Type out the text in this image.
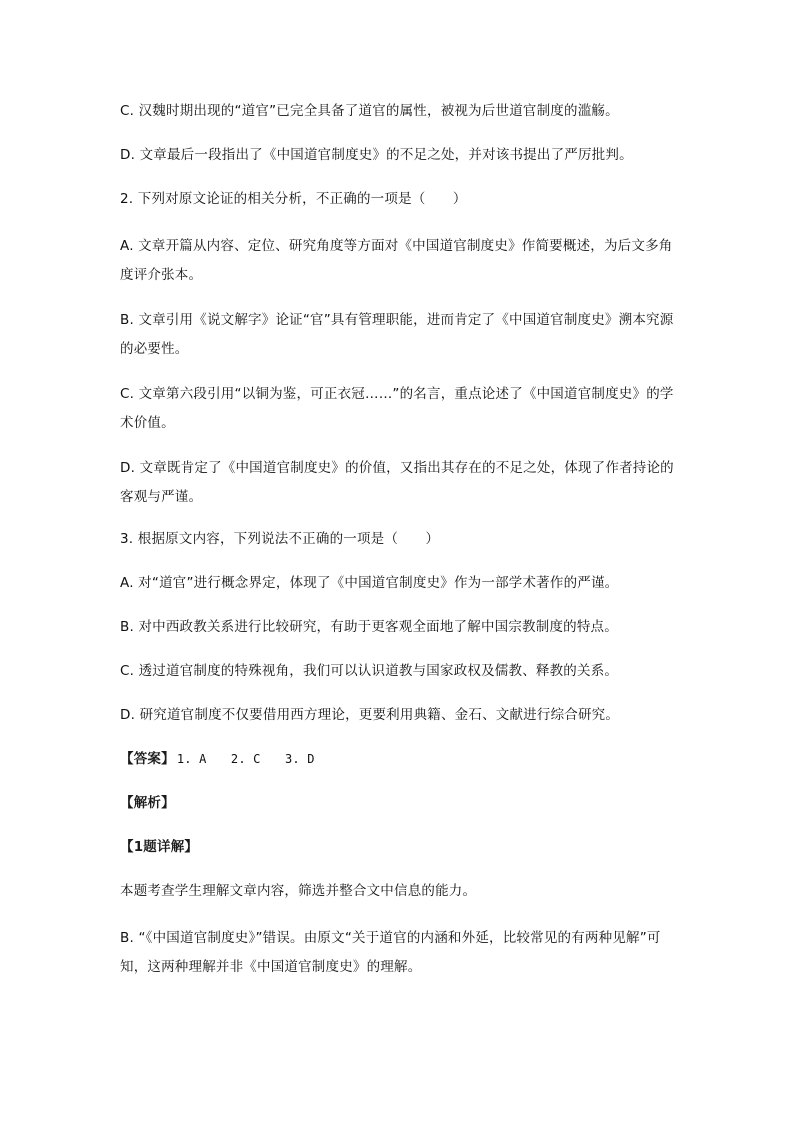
C. 汉魏时期出现的“道官”已完全具备了道官的属性，被视为后世道官制度的滥觞。

D. 文章最后一段指出了《中国道官制度史》的不足之处，并对该书提出了严厉批判。

2. 下列对原文论证的相关分析，不正确的一项是（　　）

A. 文章开篇从内容、定位、研究角度等方面对《中国道官制度史》作简要概述，为后文多角度评介张本。

B. 文章引用《说文解字》论证“官”具有管理职能，进而肯定了《中国道官制度史》溯本究源的必要性。

C. 文章第六段引用“以铜为鉴，可正衣冠……”的名言，重点论述了《中国道官制度史》的学术价值。

D. 文章既肯定了《中国道官制度史》的价值，又指出其存在的不足之处，体现了作者持论的客观与严谨。

3. 根据原文内容，下列说法不正确的一项是（　　）

A. 对“道官”进行概念界定，体现了《中国道官制度史》作为一部学术著作的严谨。

B. 对中西政教关系进行比较研究，有助于更客观全面地了解中国宗教制度的特点。

C. 透过道官制度的特殊视角，我们可以认识道教与国家政权及儒教、释教的关系。

D. 研究道官制度不仅要借用西方理论，更要利用典籍、金石、文献进行综合研究。

【答案】 1. A　　2. C　　3. D

【解析】

【1题详解】

本题考查学生理解文章内容，筛选并整合文中信息的能力。

B. “《中国道官制度史》”错误。由原文“关于道官的内涵和外延，比较常见的有两种见解”可知，这两种理解并非《中国道官制度史》的理解。
